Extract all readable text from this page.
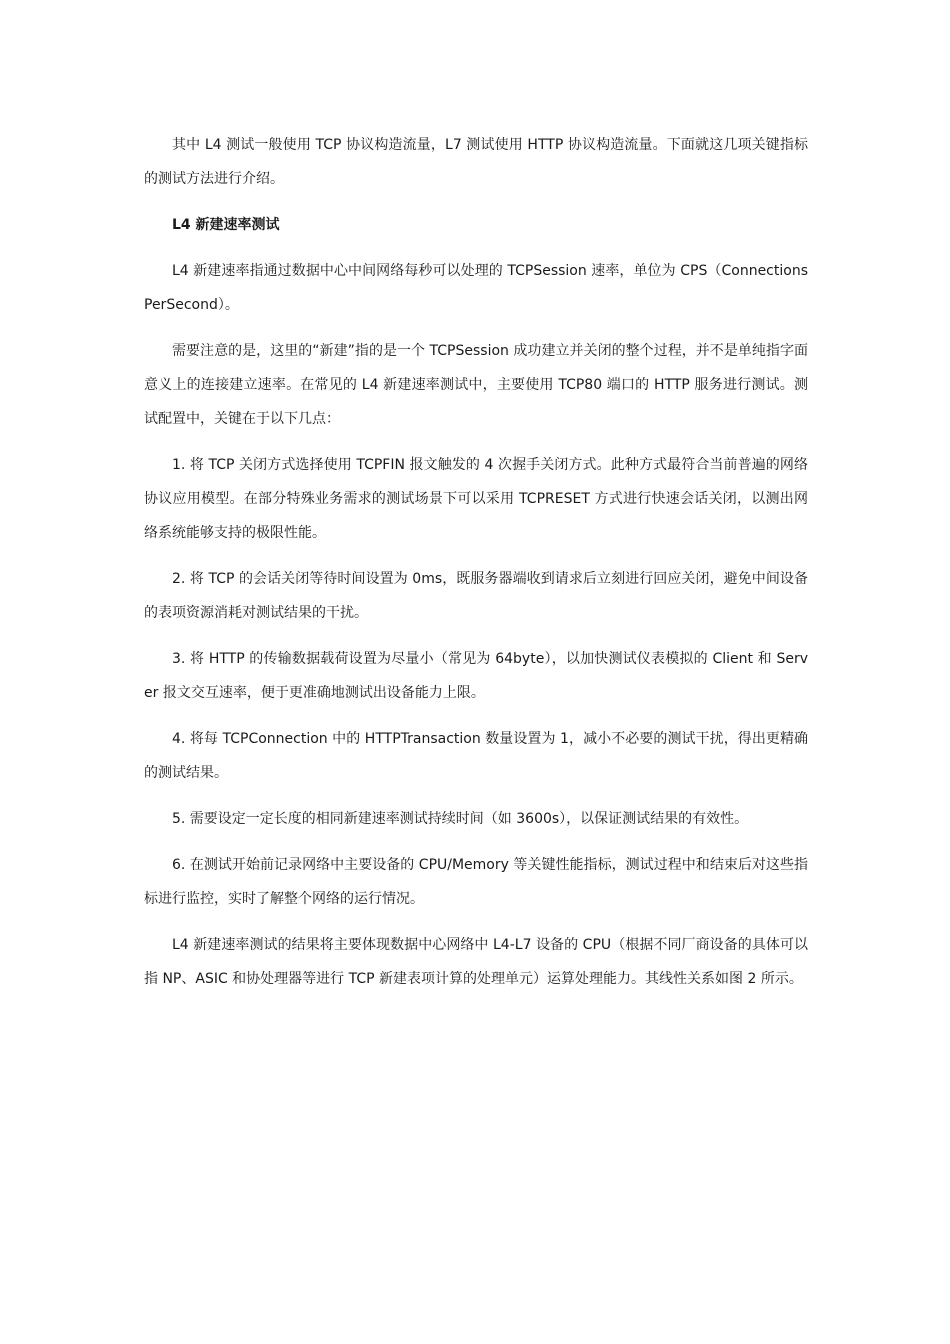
其中 L4 测试一般使用 TCP 协议构造流量，L7 测试使用 HTTP 协议构造流量。下面就这几项关键指标的测试方法进行介绍。

L4 新建速率测试

L4 新建速率指通过数据中心中间网络每秒可以处理的 TCPSession 速率，单位为 CPS（ConnectionsPerSecond）。

需要注意的是，这里的“新建”指的是一个 TCPSession 成功建立并关闭的整个过程，并不是单纯指字面意义上的连接建立速率。在常见的 L4 新建速率测试中，主要使用 TCP80 端口的 HTTP 服务进行测试。测试配置中，关键在于以下几点：

1. 将 TCP 关闭方式选择使用 TCPFIN 报文触发的 4 次握手关闭方式。此种方式最符合当前普遍的网络协议应用模型。在部分特殊业务需求的测试场景下可以采用 TCPRESET 方式进行快速会话关闭，以测出网络系统能够支持的极限性能。

2. 将 TCP 的会话关闭等待时间设置为 0ms，既服务器端收到请求后立刻进行回应关闭，避免中间设备的表项资源消耗对测试结果的干扰。

3. 将 HTTP 的传输数据载荷设置为尽量小（常见为 64byte），以加快测试仪表模拟的 Client 和 Server 报文交互速率，便于更准确地测试出设备能力上限。

4. 将每 TCPConnection 中的 HTTPTransaction 数量设置为 1，减小不必要的测试干扰，得出更精确的测试结果。

5. 需要设定一定长度的相同新建速率测试持续时间（如 3600s），以保证测试结果的有效性。

6. 在测试开始前记录网络中主要设备的 CPU/Memory 等关键性能指标，测试过程中和结束后对这些指标进行监控，实时了解整个网络的运行情况。

L4 新建速率测试的结果将主要体现数据中心网络中 L4-L7 设备的 CPU（根据不同厂商设备的具体可以指 NP、ASIC 和协处理器等进行 TCP 新建表项计算的处理单元）运算处理能力。其线性关系如图 2 所示。
